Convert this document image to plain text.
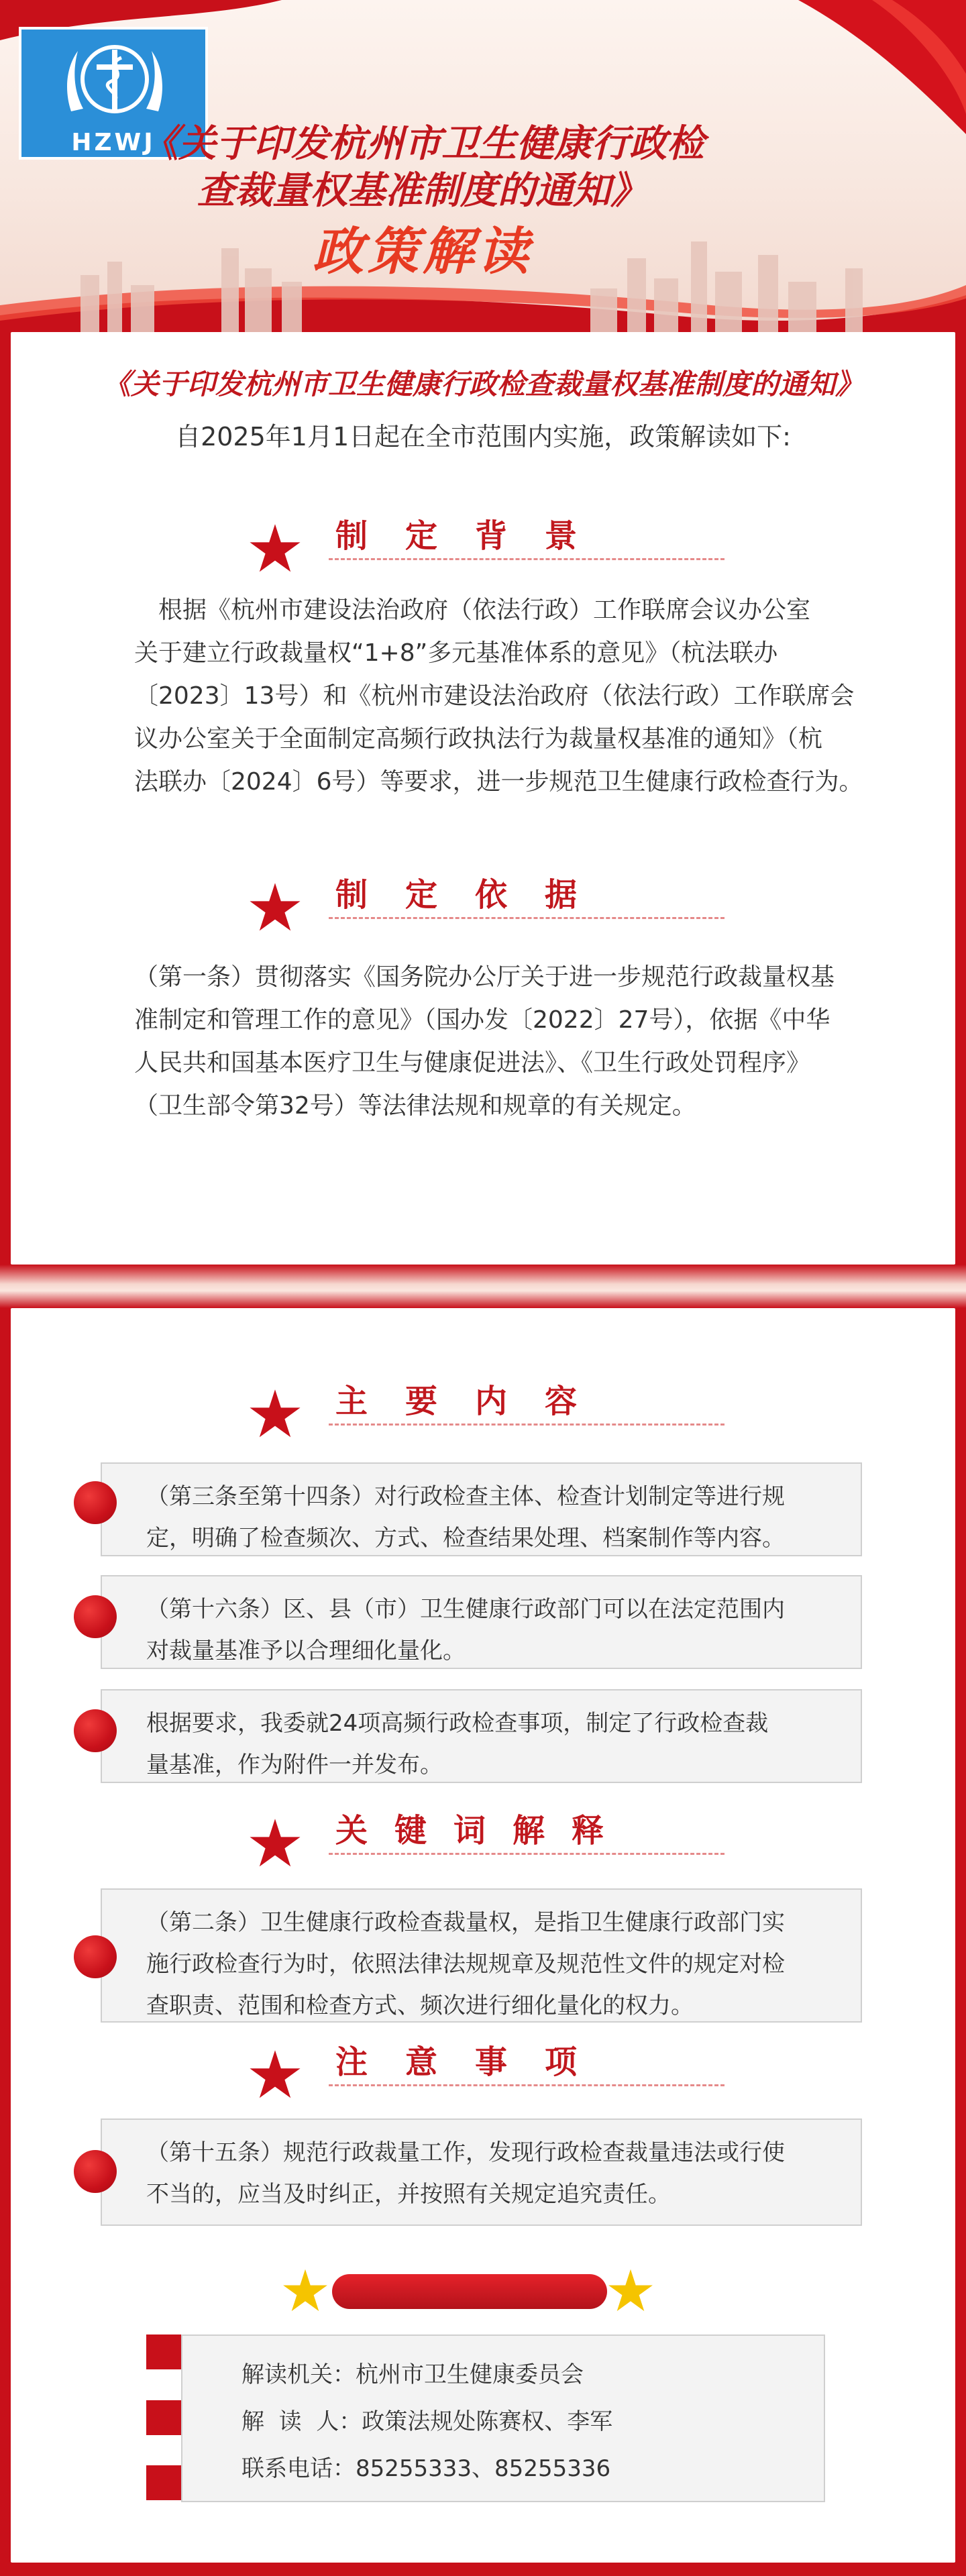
HZWJ
《关于印发杭州市卫生健康行政检
查裁量权基准制度的通知》
政策解读
《关于印发杭州市卫生健康行政检查裁量权基准制度的通知》
自2025年1月1日起在全市范围内实施，政策解读如下:
制定背景
根据《杭州市建设法治政府（依法行政）工作联席会议办公室
关于建立行政裁量权“1+8”多元基准体系的意见》（杭法联办
〔2023〕13号）和《杭州市建设法治政府（依法行政）工作联席会
议办公室关于全面制定高频行政执法行为裁量权基准的通知》（杭
法联办〔2024〕6号）等要求，进一步规范卫生健康行政检查行为。
制定依据
（第一条）贯彻落实《国务院办公厅关于进一步规范行政裁量权基
准制定和管理工作的意见》（国办发〔2022〕27号），依据《中华
人民共和国基本医疗卫生与健康促进法》、《卫生行政处罚程序》
（卫生部令第32号）等法律法规和规章的有关规定。
主要内容
（第三条至第十四条）对行政检查主体、检查计划制定等进行规
定，明确了检查频次、方式、检查结果处理、档案制作等内容。
（第十六条）区、县（市）卫生健康行政部门可以在法定范围内
对裁量基准予以合理细化量化。
根据要求，我委就24项高频行政检查事项，制定了行政检查裁
量基准，作为附件一并发布。
关键词解释
（第二条）卫生健康行政检查裁量权，是指卫生健康行政部门实
施行政检查行为时，依照法律法规规章及规范性文件的规定对检
查职责、范围和检查方式、频次进行细化量化的权力。
注意事项
（第十五条）规范行政裁量工作，发现行政检查裁量违法或行使
不当的，应当及时纠正，并按照有关规定追究责任。
解读机关：杭州市卫生健康委员会
解  读  人：政策法规处陈赛权、李军
联系电话：85255333、85255336
